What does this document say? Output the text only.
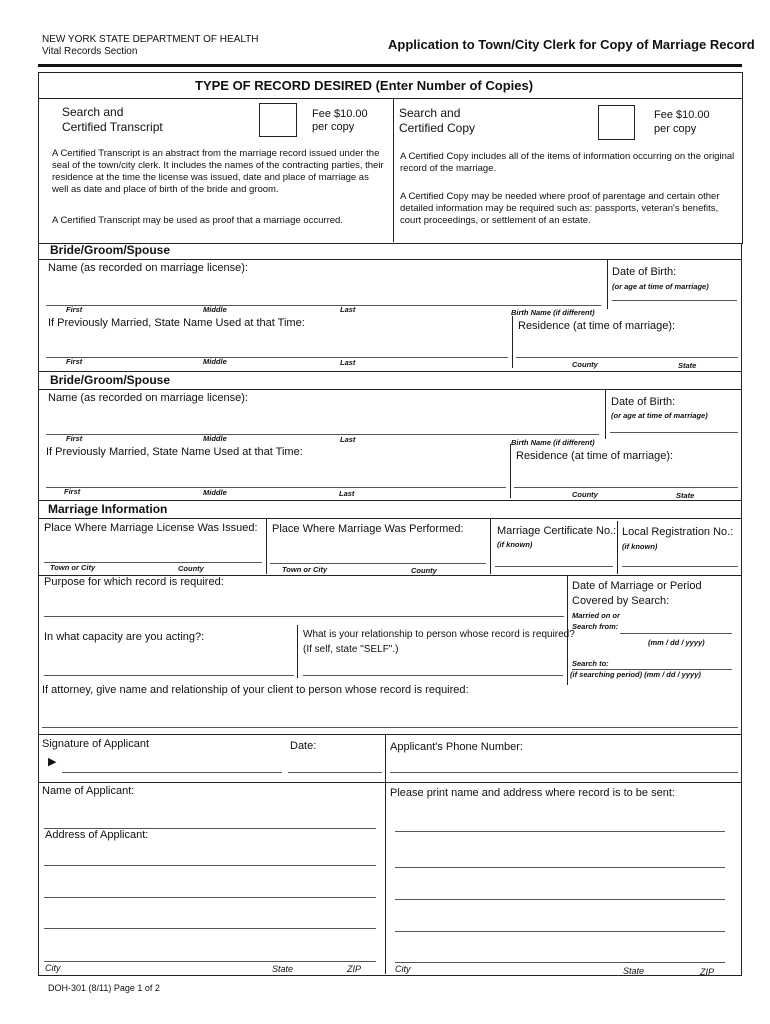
NEW YORK STATE DEPARTMENT OF HEALTH
Vital Records Section	Application to Town/City Clerk for Copy of Marriage Record
TYPE OF RECORD DESIRED (Enter Number of Copies)
Search and
Certified Transcript
Fee $10.00
per copy
A Certified Transcript is an abstract from the marriage record issued under the seal of the town/city clerk. It includes the names of the contracting parties, their residence at the time the license was issued, date and place of marriage as well as date and place of birth of the bride and groom.
A Certified Transcript may be used as proof that a marriage occurred.
Search and
Certified Copy
Fee $10.00
per copy
A Certified Copy includes all of the items of information occurring on the original record of the marriage.
A Certified Copy may be needed where proof of parentage and certain other detailed information may be required such as: passports, veteran's benefits, court proceedings, or settlement of an estate.
Bride/Groom/Spouse
Name (as recorded on marriage license):	Date of Birth:
(or age at time of marriage)
First	Middle	Last	Birth Name (if different)
If Previously Married, State Name Used at that Time:	Residence (at time of marriage):
First	Middle	Last	County	State
Bride/Groom/Spouse
Name (as recorded on marriage license):	Date of Birth:
(or age at time of marriage)
First	Middle	Last	Birth Name (if different)
If Previously Married, State Name Used at that Time:	Residence (at time of marriage):
First	Middle	Last	County	State
Marriage Information
Place Where Marriage License Was Issued: Place Where Marriage Was Performed:	Marriage Certificate No.:
(if known)
Local Registration No.:
(if known)
Town or City	County	Town or City	County
Purpose for which record is required:	Date of Marriage or Period
Covered by Search:
Married on or
Search from:
(mm / dd / yyyy)
Search to:
(if searching period) (mm / dd / yyyy)
In what capacity are you acting?:	What is your relationship to person whose record is required?
(If self, state "SELF".)
If attorney, give name and relationship of your client to person whose record is required:
Signature of Applicant
▶
Date:	Applicant's Phone Number:
Name of Applicant:	Please print name and address where record is to be sent:
Address of Applicant:
City	State	ZIP	City	State	ZIP
DOH-301 (8/11) Page 1 of 2
